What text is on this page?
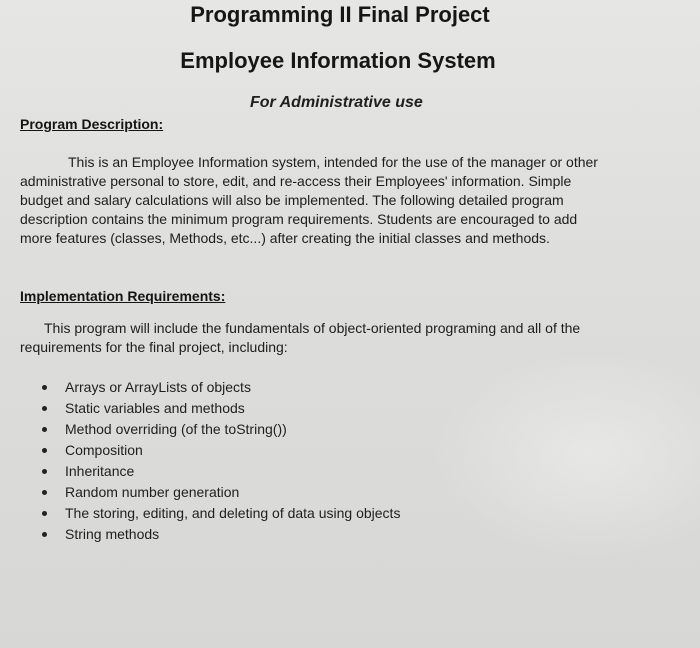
Programming II Final Project
Employee Information System
For Administrative use
Program Description:
This is an Employee Information system, intended for the use of the manager or other
administrative personal to store, edit, and re-access their Employees' information. Simple
budget and salary calculations will also be implemented. The following detailed program
description contains the minimum program requirements. Students are encouraged to add
more features (classes, Methods, etc...) after creating the initial classes and methods.
Implementation Requirements:
This program will include the fundamentals of object-oriented programing and all of the
requirements for the final project, including:
Arrays or ArrayLists of objects
Static variables and methods
Method overriding (of the toString())
Composition
Inheritance
Random number generation
The storing, editing, and deleting of data using objects
String methods
